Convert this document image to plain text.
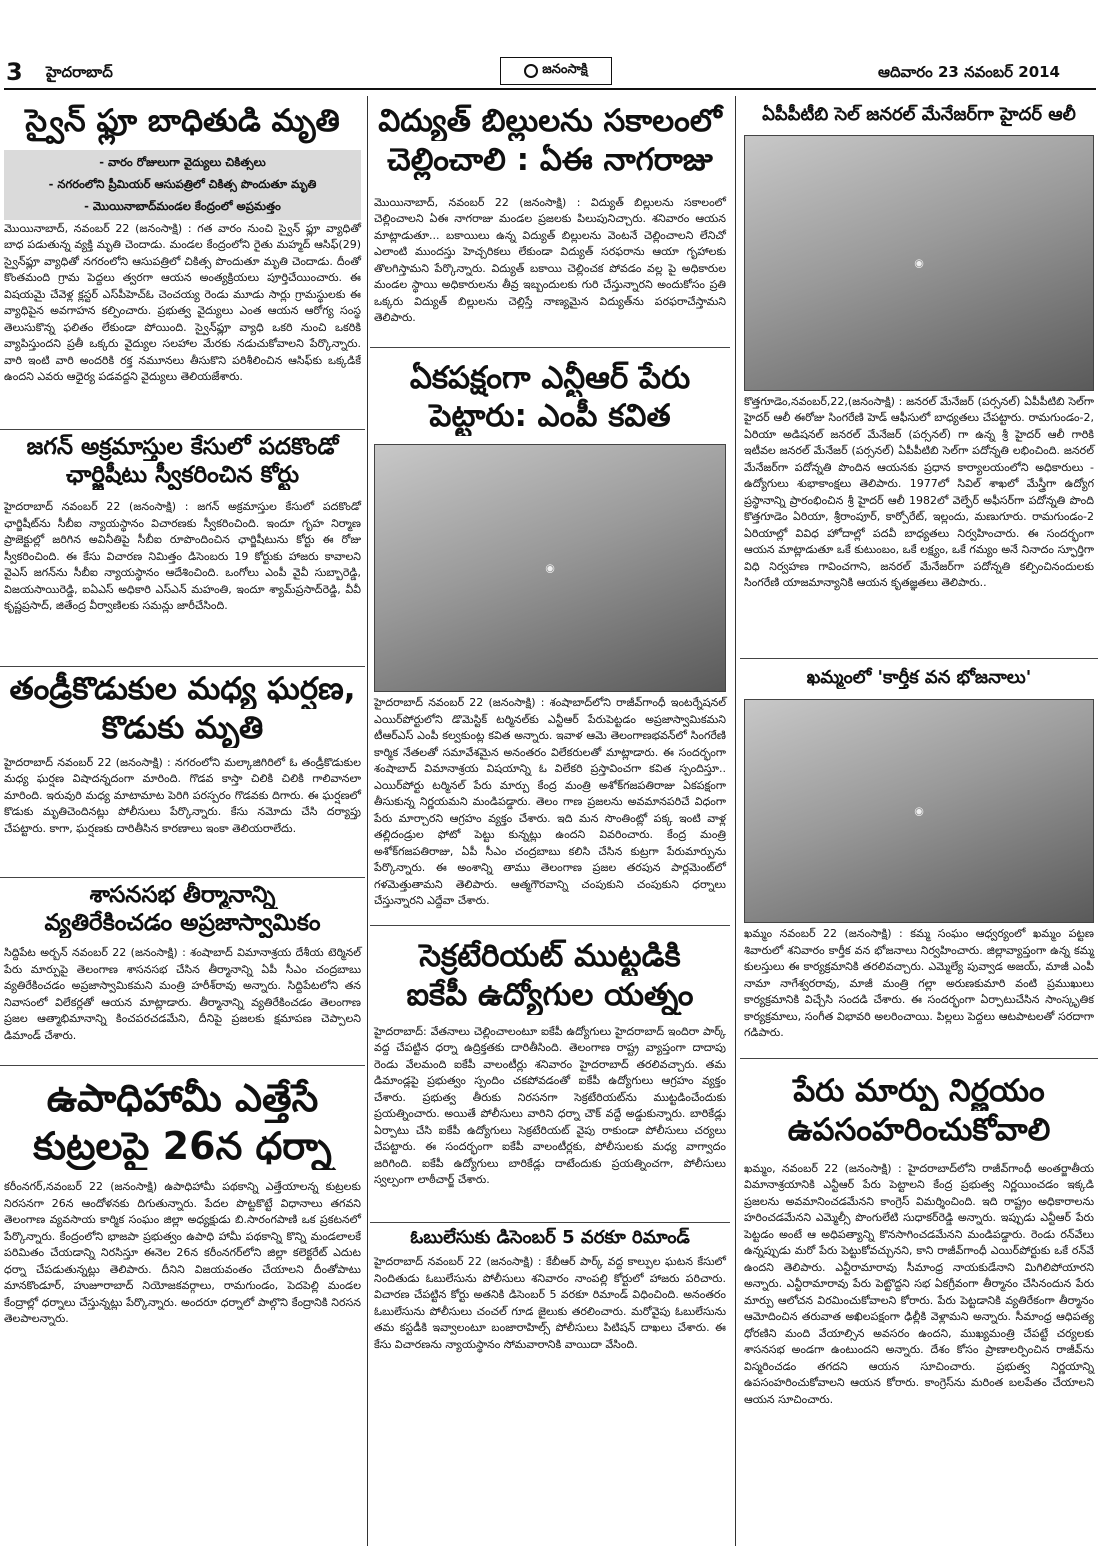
3 హైదరాబాద్	జనంసాక్షి	ఆదివారం 23 నవంబర్ 2014
స్వైన్ ఫ్లూ బాధితుడి మృతి
- వారం రోజులుగా వైద్యులు చికిత్సలు
- నగరంలోని ప్రీమియర్ ఆసుపత్రిలో చికిత్స పొందుతూ మృతి
- మొయినాబాద్‌మండల కేంద్రంలో అప్రమత్తం
మొయినాబాద్, నవంబర్ 22 (జనంసాక్షి) : గత వారం నుంచి స్వైన్ ఫ్లూ వ్యాధితో బాధ పడుతున్న వ్యక్తి మృతి చెందాడు. మండల కేంద్రంలోని రైతు మహ్మద్ ఆసిఫ్(29) స్వైన్‌ఫ్లూ వ్యాధితో నగరంలోని ఆసుపత్రిలో చికిత్స పొందుతూ మృతి చెందాడు. దీంతో కొంతమంది గ్రామ పెద్దలు త్వరగా ఆయన అంత్యక్రియలు పూర్తిచేయించారు. ఈ విషయమై చేవెళ్ల క్లస్టర్ ఎస్‌పీహెచ్‌ఓ చెంచయ్య రెండు మూడు సార్లు గ్రామస్థులకు ఈ వ్యాధిపైన అవగాహన కల్పించారు. ప్రభుత్వ వైద్యులు ఎంత ఆయన ఆరోగ్య సంస్థ తెలుసుకొన్న ఫలితం లేకుండా పోయింది. స్వైన్‌ఫ్లూ వ్యాధి ఒకరి నుంచి ఒకరికి వ్యాపిస్తుందని ప్రతీ ఒక్కరు వైద్యుల సలహాల మేరకు నడుచుకోవాలని పేర్కొన్నారు. వారి ఇంటి వారి అందరికి రక్త నమూనలు తీసుకొని పరిశీలించిన ఆసిఫ్‌కు ఒక్కడికే ఉందని ఎవరు ఆధైర్య పడవద్దని వైద్యులు తెలియజేశారు.
జగన్ అక్రమాస్తుల కేసులో పదకొండో
ఛార్జిషీటు స్వీకరించిన కోర్టు
హైదరాబాద్ నవంబర్ 22 (జనంసాక్షి) : జగన్ అక్రమాస్తుల కేసులో పదకొండో ఛార్జిషీట్‌ను సీబీఐ న్యాయస్థానం విచారణకు స్వీకరించింది. ఇందూ గృహ నిర్మాణ ప్రాజెక్టుల్లో జరిగిన అవినీతిపై సీబీఐ రూపొందించిన ఛార్జిషీటును కోర్టు ఈ రోజు స్వీకరించింది. ఈ కేసు విచారణ నిమిత్తం డిసెంబరు 19 కోర్టుకు హాజరు కావాలని వైఎస్ జగన్‌ను సీబీఐ న్యాయస్థానం ఆదేశించింది. ఒంగోలు ఎంపీ వైవీ సుబ్బారెడ్డి, విజయసాయిరెడ్డి, ఐఏఎస్ అధికారి ఎస్‌ఎన్ మహంతి, ఇందూ శ్యామ్‌ప్రసాద్‌రెడ్డి, వీవీ కృష్ణప్రసాద్, జితేంద్ర వీర్వాణిలకు సమన్లు జారీచేసింది.
తండ్రీకొడుకుల మధ్య ఘర్షణ,
కొడుకు మృతి
హైదరాబాద్ నవంబర్ 22 (జనంసాక్షి) : నగరంలోని మల్కాజిగిరిలో ఓ తండ్రీకొడుకుల మధ్య ఘర్షణ విషాదన్నదంగా మారింది. గొడవ కాస్తా చిలికి చిలికి గాలివానలా మారింది. ఇరువురి మధ్య మాటామాట పెరిగి పరస్పరం గొడవకు దిగారు. ఈ ఘర్షణలో కొడుకు మృతిచెందినట్లు పోలీసులు పేర్కొన్నారు. కేసు నమోదు చేసి దర్యాప్తు చేపట్టారు. కాగా, ఘర్షణకు దారితీసిన కారణాలు ఇంకా తెలియరాలేదు.
శాసనసభ తీర్మానాన్ని
వ్యతిరేకించడం అప్రజాస్వామికం
సిద్దిపేట అర్బన్ నవంబర్ 22 (జనంసాక్షి) : శంషాబాద్ విమానాశ్రయ దేశీయ టెర్మినల్ పేరు మార్పుపై తెలంగాణ శాసనసభ చేసిన తీర్మానాన్ని ఏపీ సీఎం చంద్రబాబు వ్యతిరేకించడం అప్రజాస్వామికమని మంత్రి హరీశ్‌రావు అన్నారు. సిద్దిపేటలోని తన నివాసంలో విలేకర్లతో ఆయన మాట్లాడారు. తీర్మానాన్ని వ్యతిరేకించడం తెలంగాణ ప్రజల ఆత్మాభిమానాన్ని కించపరచడమేని, దీనిపై ప్రజలకు క్షమాపణ చెప్పాలని డిమాండ్ చేశారు.
ఉపాధిహామీ ఎత్తేసే
కుట్రలపై 26న ధర్నా
కరీంనగర్,నవంబర్ 22 (జనంసాక్షి) ఉపాధిహామీ పథకాన్ని ఎత్తేయాలన్న కుట్రలకు నిరసనగా 26న ఆందోళనకు దిగుతున్నారు. పేదల పొట్టకొట్టే విధానాలు తగవని తెలంగాణ వ్యవసాయ కార్మిక సంఘం జిల్లా అధ్యక్షుడు బి.సారంగపాణి ఒక ప్రకటనలో పేర్కొన్నారు. కేంద్రంలోని భాజపా ప్రభుత్వం ఉపాధి హామీ పథకాన్ని కొన్ని మండలాలకే పరిమితం చేయడాన్ని నిరసిస్తూ ఈనెల 26న కరీంనగర్‌లోని జిల్లా కలెక్టరేట్ ఎదుట ధర్నా చేపడుతున్నట్లు తెలిపారు. దీనిని విజయవంతం చేయాలని దీంతోపాటు మానకొండూర్, హుజూరాబాద్ నియోజకవర్గాలు, రామగుండం, పెదపెల్లి మండల కేంద్రాల్లో ధర్నాలు చేస్తున్నట్లు పేర్కొన్నారు. అందరూ ధర్నాలో పాల్గొని కేంద్రానికి నిరసన తెలపాలన్నారు.
విద్యుత్ బిల్లులను సకాలంలో
చెల్లించాలి : ఏఈ నాగరాజు
మొయినాబాద్, నవంబర్ 22 (జనంసాక్షి) : విద్యుత్ బిల్లులను సకాలంలో చెల్లించాలని ఏఈ నాగరాజు మండల ప్రజలకు పిలుపునిచ్చారు. శనివారం ఆయన మాట్లాడుతూ... బకాయిలు ఉన్న విద్యుత్ బిల్లులను వెంటనే చెల్లించాలని లేనిచో ఎలాంటి ముందస్తు హెచ్చరికలు లేకుండా విద్యుత్ సరఫరాను ఆయా గృహాలకు తొలగిస్తామని పేర్కొన్నారు. విద్యుత్ బకాయి చెల్లించక పోవడం వల్ల పై అధికారుల మండల స్థాయి అధికారులను తీవ్ర ఇబ్బందులకు గురి చేస్తున్నారని అందుకోసం ప్రతి ఒక్కరు విద్యుత్ బిల్లులను చెల్లిస్తే నాణ్యమైన విద్యుత్‌ను పరఫరాచేస్తామని తెలిపారు.
ఏకపక్షంగా ఎన్టీఆర్ పేరు
పెట్టారు: ఎంపీ కవిత
◉
హైదరాబాద్ నవంబర్ 22 (జనంసాక్షి) : శంషాబాద్‌లోని రాజీవ్‌గాంధీ ఇంటర్నేషనల్ ఎయిర్‌పోర్టులోని డొమెస్టిక్ టర్మినల్‌కు ఎన్టీఆర్ పేరుపెట్టడం అప్రజాస్వామికమని టీఆర్‌ఎస్ ఎంపీ కల్వకుంట్ల కవిత అన్నారు. ఇవాళ ఆమె తెలంగాణభవన్‌లో సింగరేణి కార్మిక నేతలతో సమావేశమైన అనంతరం విలేకరులతో మాట్లాడారు. ఈ సందర్భంగా శంషాబాద్ విమానాశ్రయ విషయాన్ని ఓ విలేకరి ప్రస్తావించగా కవిత స్పందిస్తూ.. ఎయిర్‌పోర్టు టర్మినల్ పేరు మార్పు కేంద్ర మంత్రి అశోక్‌గజపతిరాజు ఏకపక్షంగా తీసుకున్న నిర్ణయమని మండిపడ్డారు. తెలం గాణ ప్రజలను అవమానపరిచే విధంగా పేరు మార్చారని ఆగ్రహం వ్యక్తం చేశారు. ఇది మన సొంతింట్లో పక్క ఇంటి వాళ్ల తల్లిదండ్రుల ఫోటో పెట్టు కున్నట్లు ఉందని వివరించారు. కేంద్ర మంత్రి అశోక్‌గజపతిరాజు, ఏపీ సీఎం చంద్రబాబు కలిసి చేసిన కుట్రగా పేరుమార్పును పేర్కొన్నారు. ఈ అంశాన్ని తాము తెలంగాణ ప్రజల తరపున పార్లమెంట్‌లో గళమెత్తుతామని తెలిపారు. ఆత్మగౌరవాన్ని చంపుకుని చంపుకుని ధర్నాలు చేస్తున్నారని ఎద్దేవా చేశారు.
సెక్రటేరియట్ ముట్టడికి
ఐకేపీ ఉద్యోగుల యత్నం
హైదరాబాద్: వేతనాలు చెల్లించాలంటూ ఐకేపీ ఉద్యోగులు హైదరాబాద్ ఇందిరా పార్క్ వద్ద చేపట్టిన ధర్నా ఉద్రిక్తతకు దారితీసింది. తెలంగాణ రాష్ట్ర వ్యాప్తంగా దాదాపు రెండు వేలమంది ఐకేపీ వాలంటీర్లు శనివారం హైదరాబాద్ తరలివచ్చారు. తమ డిమాండ్లపై ప్రభుత్వం స్పందిం చకపోవడంతో ఐకేపీ ఉద్యోగులు ఆగ్రహం వ్యక్తం చేశారు. ప్రభుత్వ తీరుకు నిరసనగా సెక్రటేరియట్‌ను ముట్టడించేందుకు ప్రయత్నించారు. అయితే పోలీసులు వారిని ధర్నా చౌక్ వద్దే అడ్డుకున్నారు. బారికేడ్లు ఏర్పాటు చేసి ఐకేపీ ఉద్యోగులు సెక్రటేరియట్ వైపు రాకుండా పోలీసులు చర్యలు చేపట్టారు. ఈ సందర్భంగా ఐకేపీ వాలంటీర్లకు, పోలీసులకు మధ్య వాగ్వాదం జరిగింది. ఐకేపీ ఉద్యోగులు బారికేడ్లు దాటేందుకు ప్రయత్నించగా, పోలీసులు స్వల్పంగా లాఠీచార్జ్ చేశారు.
ఓబులేసుకు డిసెంబర్ 5 వరకూ రిమాండ్
హైదరాబాద్ నవంబర్ 22 (జనంసాక్షి) : కేబీఆర్ పార్క్ వద్ద కాల్పుల ఘటన కేసులో నిందితుడు ఓబులేసును పోలీసులు శనివారం నాంపల్లి కోర్టులో హాజరు పరిచారు. విచారణ చేపట్టిన కోర్టు అతనికి డిసెంబర్ 5 వరకూ రిమాండ్ విధించింది. అనంతరం ఓబులేసును పోలీసులు చంచల్ గూడ జైలుకు తరలించారు. మరోవైపు ఓబులేసును తమ కస్టడీకి ఇవ్వాలంటూ బంజారాహిల్స్ పోలీసులు పిటిషన్ దాఖలు చేశారు. ఈ కేసు విచారణను న్యాయస్థానం సోమవారానికి వాయిదా వేసింది.
ఏపీపీటీబి సెల్ జనరల్ మేనేజర్‌గా హైదర్ ఆలీ
◉
కొత్తగూడెం,నవంబర్,22,(జనంసాక్షి) : జనరల్ మేనేజర్ (పర్సనల్) ఏపీపీటిబి సెల్‌గా హైదర్ ఆలీ ఈరోజు సింగరేణి హెడ్ ఆఫీసులో బాధ్యతలు చేపట్టారు. రామగుండం-2, ఏరియా అడిషనల్ జనరల్ మేనేజర్ (పర్సనల్) గా ఉన్న శ్రీ హైదర్ ఆలీ గారికి ఇటీవల జనరల్ మేనేజర్ (పర్సనల్) ఏపీపీటిబి సెల్‌గా పదోన్నతి లభించింది. జనరల్ మేనేజర్‌గా పదోన్నతి పొందిన ఆయనకు ప్రధాన కార్యాలయంలోని అధికారులు - ఉద్యోగులు శుభాకాంక్షలు తెలిపారు. 1977లో సివిల్ శాఖలో మేస్త్రీగా ఉద్యోగ ప్రస్థానాన్ని ప్రారంభించిన శ్రీ హైదర్ ఆలీ 1982లో వెల్ఫేర్ అఫీసర్‌గా పదోన్నతి పొంది కొత్తగూడెం ఏరియా, శ్రీరాంపూర్, కార్పోరేట్, ఇల్లందు, మణుగూరు. రామగుండం-2 ఏరియాల్లో వివిధ హోదాల్లో పదవీ బాధ్యతలు నిర్వహించారు. ఈ సందర్భంగా ఆయన మాట్లాడుతూ ఒకే కుటుంబం, ఒకే లక్ష్యం, ఒకే గమ్యం అనే నినాదం స్ఫూర్తిగా విధి నిర్వహణ గావించగాని, జనరల్ మేనేజర్‌గా పదోన్నతి కల్పించినందులకు సింగరేణి యాజమాన్యానికి ఆయన కృతజ్ఞతలు తెలిపారు..
ఖమ్మంలో 'కార్తీక వన భోజనాలు'
◉
ఖమ్మం నవంబర్ 22 (జనంసాక్షి) : కమ్మ సంఘం ఆధ్వర్యంలో ఖమ్మం పట్టణ శివారులో శనివారం కార్తీక వన భోజనాలు నిర్వహించారు. జిల్లావ్యాప్తంగా ఉన్న కమ్మ కులస్తులు ఈ కార్యక్రమానికి తరలివచ్చారు. ఎమ్మెల్యే పువ్వాడ అజయ్, మాజీ ఎంపీ నామా నాగేశ్వరరావు, మాజీ మంత్రి గల్లా అరుణకుమారి వంటి ప్రముఖులు కార్యక్రమానికి విచ్చేసి సందడి చేశారు. ఈ సందర్భంగా ఏర్పాటుచేసిన సాంస్కృతిక కార్యక్రమాలు, సంగీత విభావరి అలరించాయి. పిల్లలు పెద్దలు ఆటపాటలతో సరదాగా గడిపారు.
పేరు మార్పు నిర్ణయం
ఉపసంహరించుకోవాలి
ఖమ్మం, నవంబర్ 22 (జనంసాక్షి) : హైదరాబాద్‌లోని రాజీవ్‌గాంధీ అంతర్జాతీయ విమానాశ్రయానికి ఎన్టీఆర్ పేరు పెట్టాలని కేంద్ర ప్రభుత్వ నిర్ణయించడం ఇక్కడి ప్రజలను అవమానించడమేనని కాంగ్రెస్ విమర్శించింది. ఇది రాష్ట్రం అధికారాలను హరించడమేనని ఎమ్మెల్సీ పొంగులేటి సుధాకర్‌రెడ్డి అన్నారు. ఇప్పుడు ఎన్టీఆర్ పేరు పెట్టడం అంటే ఆ అధిపత్యాన్ని కొనసాగించడమేనని మండిపడ్డారు. రెండు రన్‌వేలు ఉన్నప్పుడు మరో పేరు పెట్టుకోవచ్చునని, కాని రాజీవ్‌గాంధీ ఎయిర్‌పోర్టుకు ఒకే రన్‌వే ఉందని తెలిపారు. ఎన్టీరామారావు సీమాంధ్ర నాయకుడేనాని మిగిలిపోయారని అన్నారు. ఎన్టీరామారావు పేరు పెట్టొద్దని సభ ఏకగ్రీవంగా తీర్మానం చేసినందున పేరు మార్పు ఆలోచన విరమించుకోవాలని కోరారు. పేరు పెట్టడానికి వ్యతిరేకంగా తీర్మానం ఆమోదించిన తరువాత అఖిలపక్షంగా ఢిల్లీకి వెళ్లామని అన్నారు. సీమాంధ్ర ఆధిపత్య ధోరణిని మంది వేయాల్సిన అవసరం ఉందని, ముఖ్యమంత్రి చేపట్టే చర్యలకు శాసనసభ అండగా ఉంటుందని అన్నారు. దేశం కోసం ప్రాణాలర్పించిన రాజీవ్‌ను విస్మరించడం తగదని ఆయన సూచించారు. ప్రభుత్వ నిర్ణయాన్ని ఉపసంహరించుకోవాలని ఆయన కోరారు. కాంగ్రెస్‌ను మరింత బలపేతం చేయాలని ఆయన సూచించారు.
